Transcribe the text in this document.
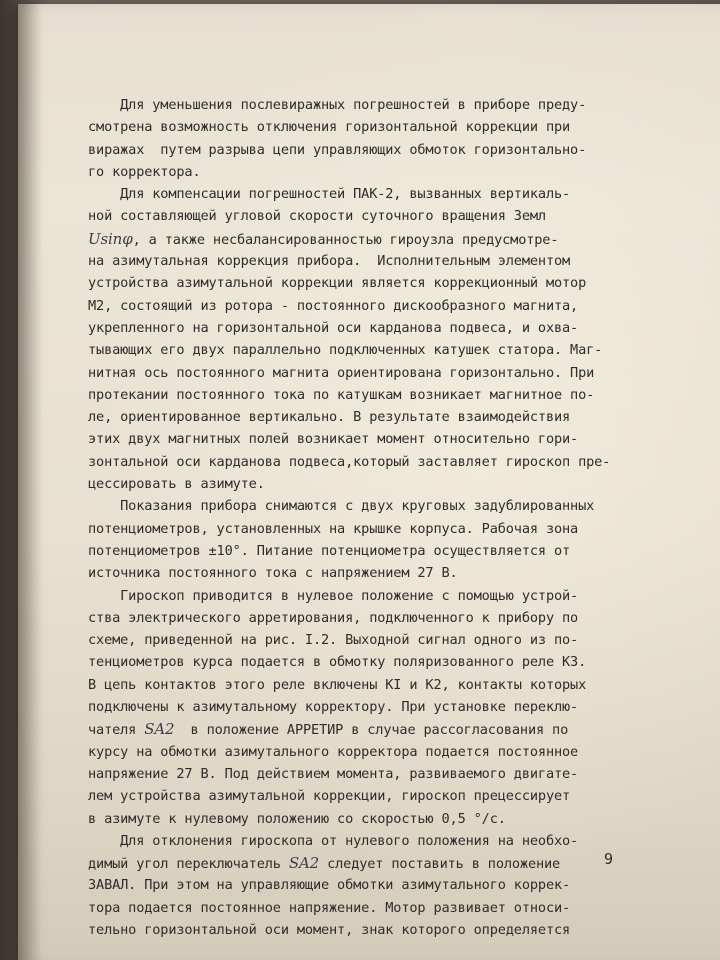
Для уменьшения послевиражных погрешностей в приборе преду-
смотрена возможность отключения горизонтальной коррекции при
виражах  путем разрыва цепи управляющих обмоток горизонтально-
го корректора.
Для компенсации погрешностей ПАК-2, вызванных вертикаль-
ной составляющей угловой скорости суточного вращения Земл
Usinφ, а также несбалансированностью гироузла предусмотре-
на азимутальная коррекция прибора.  Исполнительным элементом
устройства азимутальной коррекции является коррекционный мотор
М2, состоящий из ротора - постоянного дискообразного магнита,
укрепленного на горизонтальной оси карданова подвеса, и охва-
тывающих его двух параллельно подключенных катушек статора. Маг-
нитная ось постоянного магнита ориентирована горизонтально. При
протекании постоянного тока по катушкам возникает магнитное по-
ле, ориентированное вертикально. В результате взаимодействия
этих двух магнитных полей возникает момент относительно гори-
зонтальной оси карданова подвеса,который заставляет гироскоп пре-
цессировать в азимуте.
Показания прибора снимаются с двух круговых задублированных
потенциометров, установленных на крышке корпуса. Рабочая зона
потенциометров ±10°. Питание потенциометра осуществляется от
источника постоянного тока с напряжением 27 В.
Гироскоп приводится в нулевое положение с помощью устрой-
ства электрического арретирования, подключенного к прибору по
схеме, приведенной на рис. I.2. Выходной сигнал одного из по-
тенциометров курса подается в обмотку поляризованного реле К3.
В цепь контактов этого реле включены КI и К2, контакты которых
подключены к азимутальному корректору. При установке переклю-
чателя SA2  в положение АРРЕТИР в случае рассогласования по
курсу на обмотки азимутального корректора подается постоянное
напряжение 27 В. Под действием момента, развиваемого двигате-
лем устройства азимутальной коррекции, гироскоп прецессирует
в азимуте к нулевому положению со скоростью 0,5 °/с.
Для отклонения гироскопа от нулевого положения на необхо-
димый угол переключатель SA2 следует поставить в положение
ЗАВАЛ. При этом на управляющие обмотки азимутального коррек-
тора подается постоянное напряжение. Мотор развивает относи-
тельно горизонтальной оси момент, знак которого определяется
9
